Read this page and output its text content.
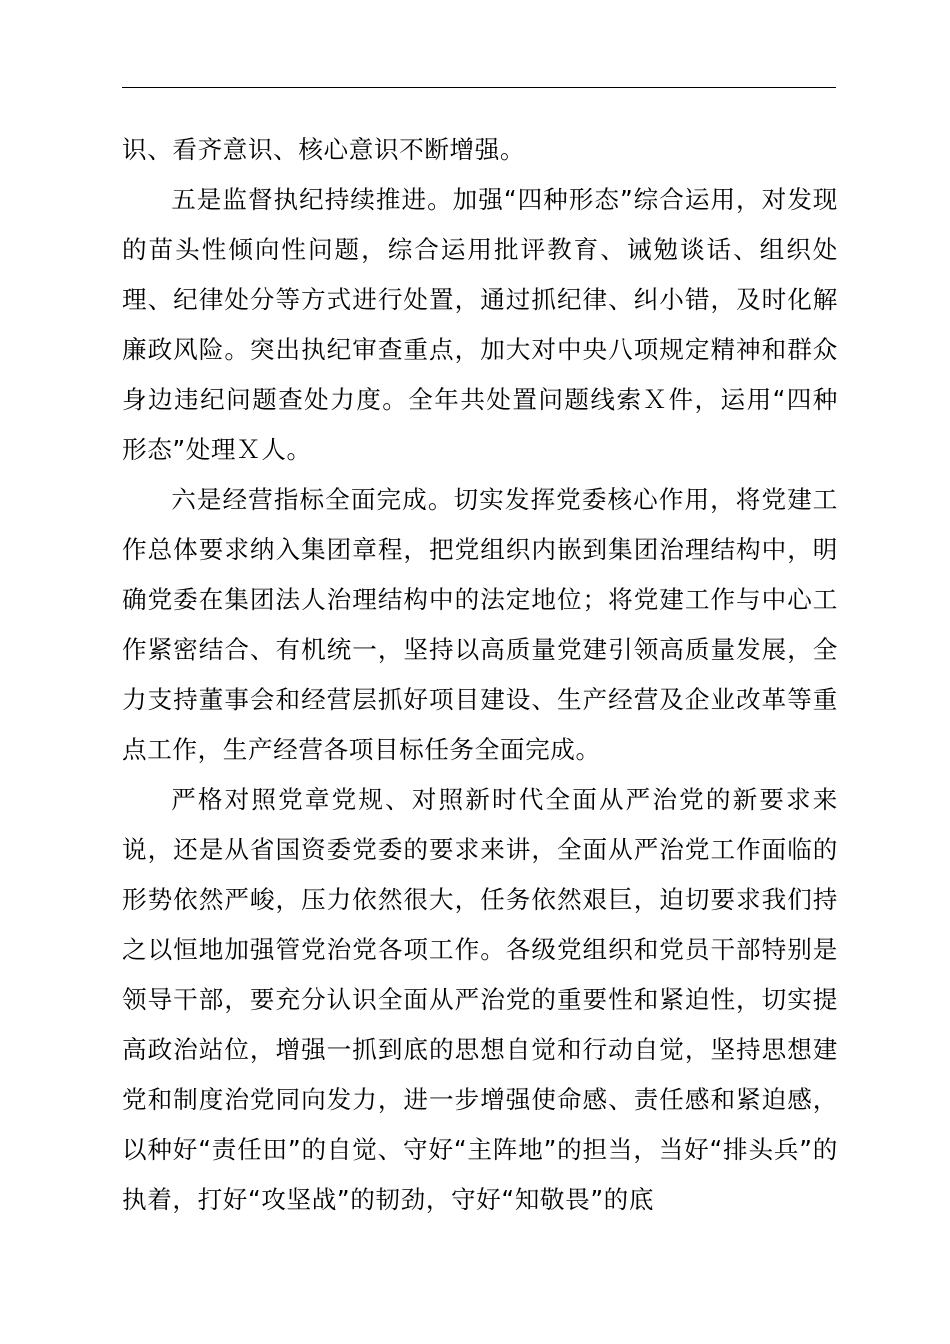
识、看齐意识、核心意识不断增强。

五是监督执纪持续推进。加强“四种形态”综合运用，对发现的苗头性倾向性问题，综合运用批评教育、诫勉谈话、组织处理、纪律处分等方式进行处置，通过抓纪律、纠小错，及时化解廉政风险。突出执纪审查重点，加大对中央八项规定精神和群众身边违纪问题查处力度。全年共处置问题线索Ｘ件，运用“四种形态”处理Ｘ人。

六是经营指标全面完成。切实发挥党委核心作用，将党建工作总体要求纳入集团章程，把党组织内嵌到集团治理结构中，明确党委在集团法人治理结构中的法定地位；将党建工作与中心工作紧密结合、有机统一，坚持以高质量党建引领高质量发展，全力支持董事会和经营层抓好项目建设、生产经营及企业改革等重点工作，生产经营各项目标任务全面完成。

严格对照党章党规、对照新时代全面从严治党的新要求来说，还是从省国资委党委的要求来讲，全面从严治党工作面临的形势依然严峻，压力依然很大，任务依然艰巨，迫切要求我们持之以恒地加强管党治党各项工作。各级党组织和党员干部特别是领导干部，要充分认识全面从严治党的重要性和紧迫性，切实提高政治站位，增强一抓到底的思想自觉和行动自觉，坚持思想建党和制度治党同向发力，进一步增强使命感、责任感和紧迫感，以种好“责任田”的自觉、守好“主阵地”的担当，当好“排头兵”的执着，打好“攻坚战”的韧劲，守好“知敬畏”的底
